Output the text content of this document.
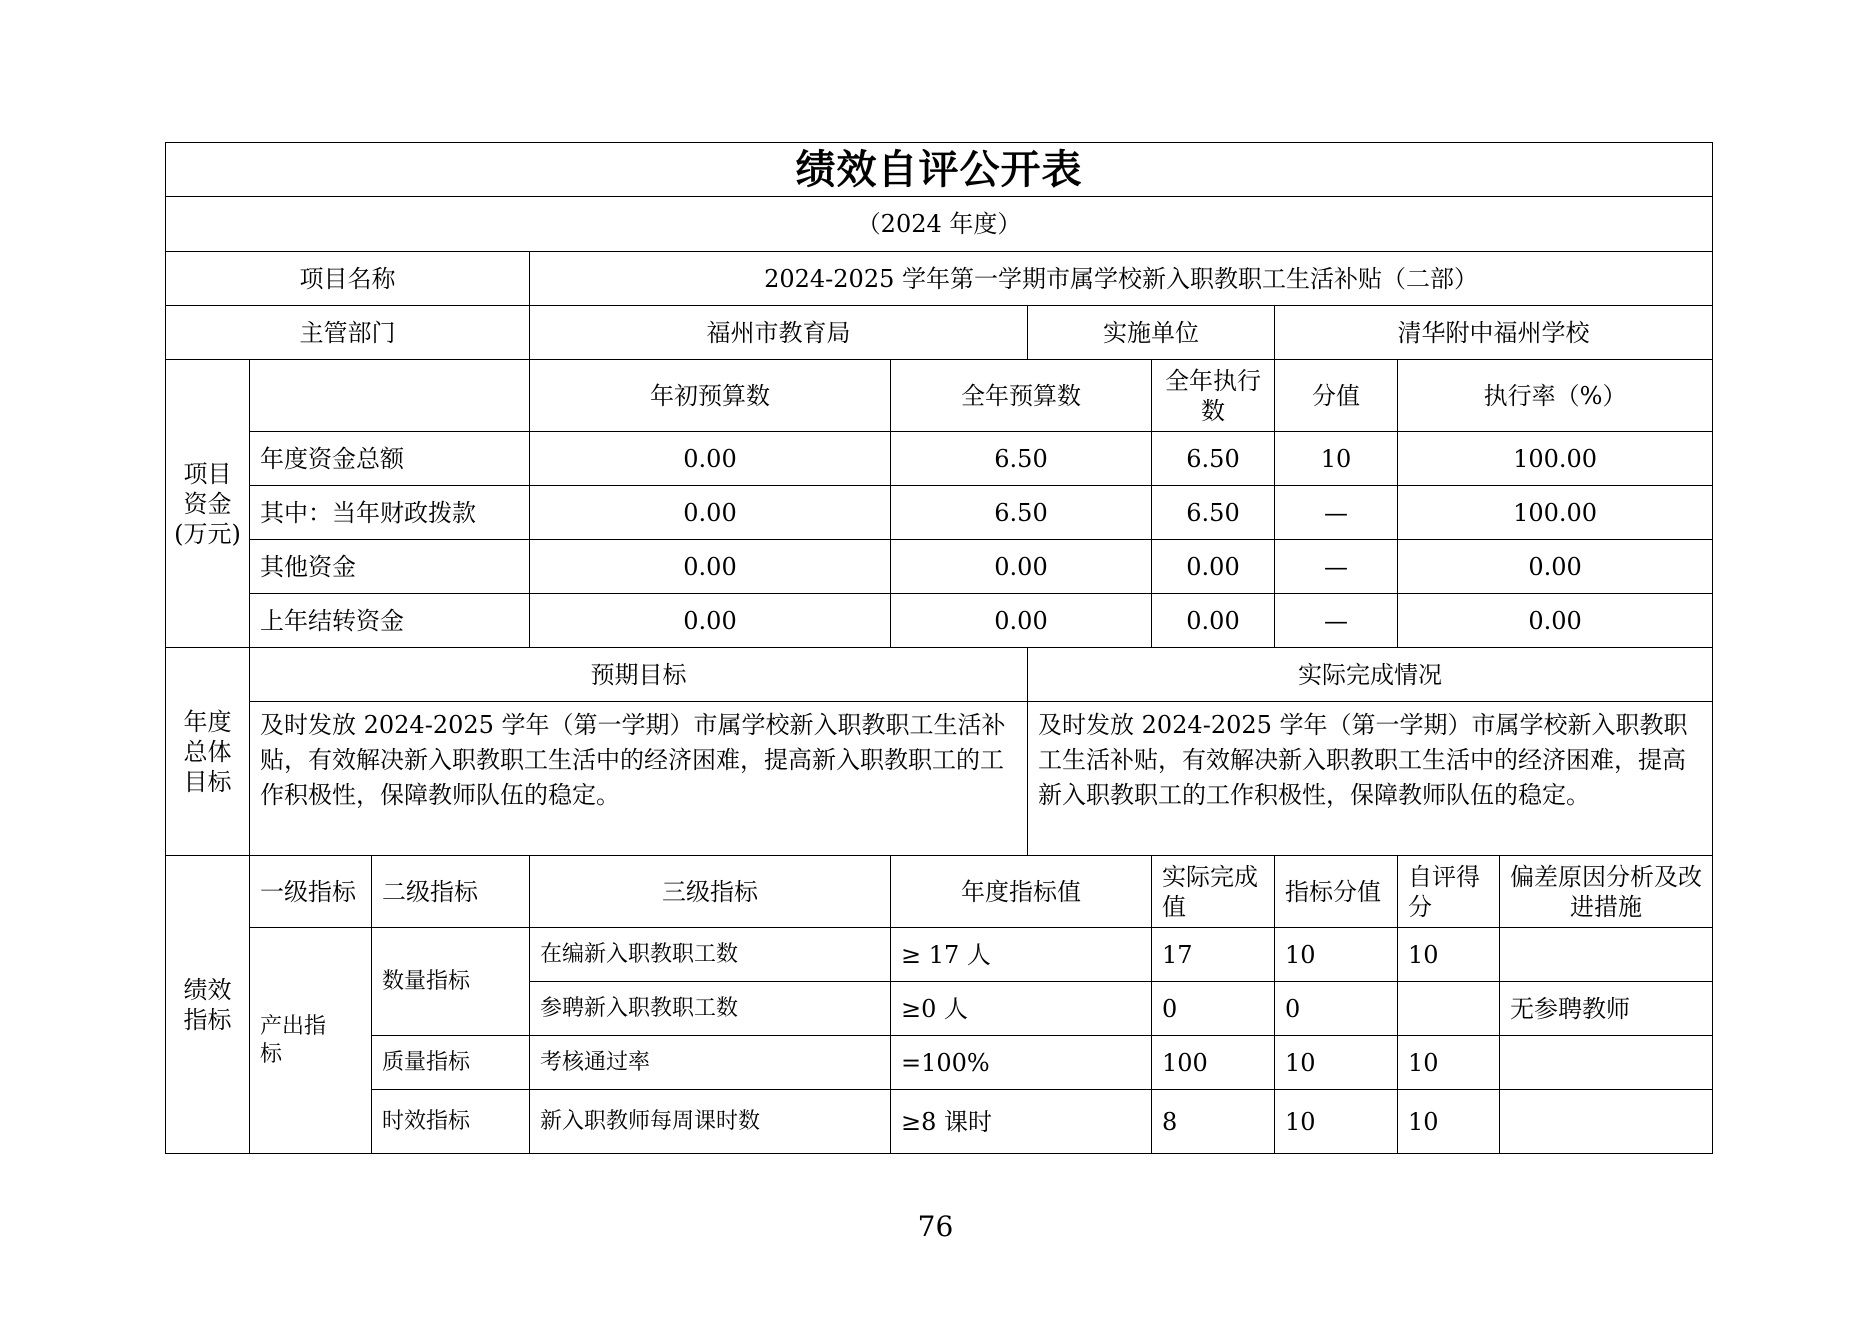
绩效自评公开表										
（2024 年度）										
项目名称			2024-2025 学年第一学期市属学校新入职教职工生活补贴（二部）							
主管部门			福州市教育局		实施单位		清华附中福州学校			
项目资金(万元)			年初预算数	全年预算数		全年执行数	分值	执行率（%）	
	年度资金总额		0.00	6.50		6.50	10	100.00	
	其中：当年财政拨款		0.00	6.50		6.50	—	100.00		
	其他资金		0.00	0.00		0.00	—	0.00		
	上年结转资金		0.00	0.00		0.00	—	0.00		
年度总体目标	预期目标				实际完成情况					
	及时发放 2024-2025 学年（第一学期）市属学校新入职教职工生活补贴，有效解决新入职教职工生活中的经济困难，提高新入职教职工的工作积极性，保障教师队伍的稳定。				及时发放 2024-2025 学年（第一学期）市属学校新入职教职工生活补贴，有效解决新入职教职工生活中的经济困难，提高新入职教职工的工作积极性，保障教师队伍的稳定。					
绩效指标	一级指标	二级指标	三级指标	年度指标值		实际完成值	指标分值	自评得分	偏差原因分析及改进措施	
	产出指标	数量指标	在编新入职教职工数	≥ 17 人		17	10	10		
			参聘新入职教职工数	≥0 人		0	0		无参聘教师	
		质量指标	考核通过率	=100%		100	10	10		
		时效指标	新入职教师每周课时数	≥8 课时		8	10	10		
76
